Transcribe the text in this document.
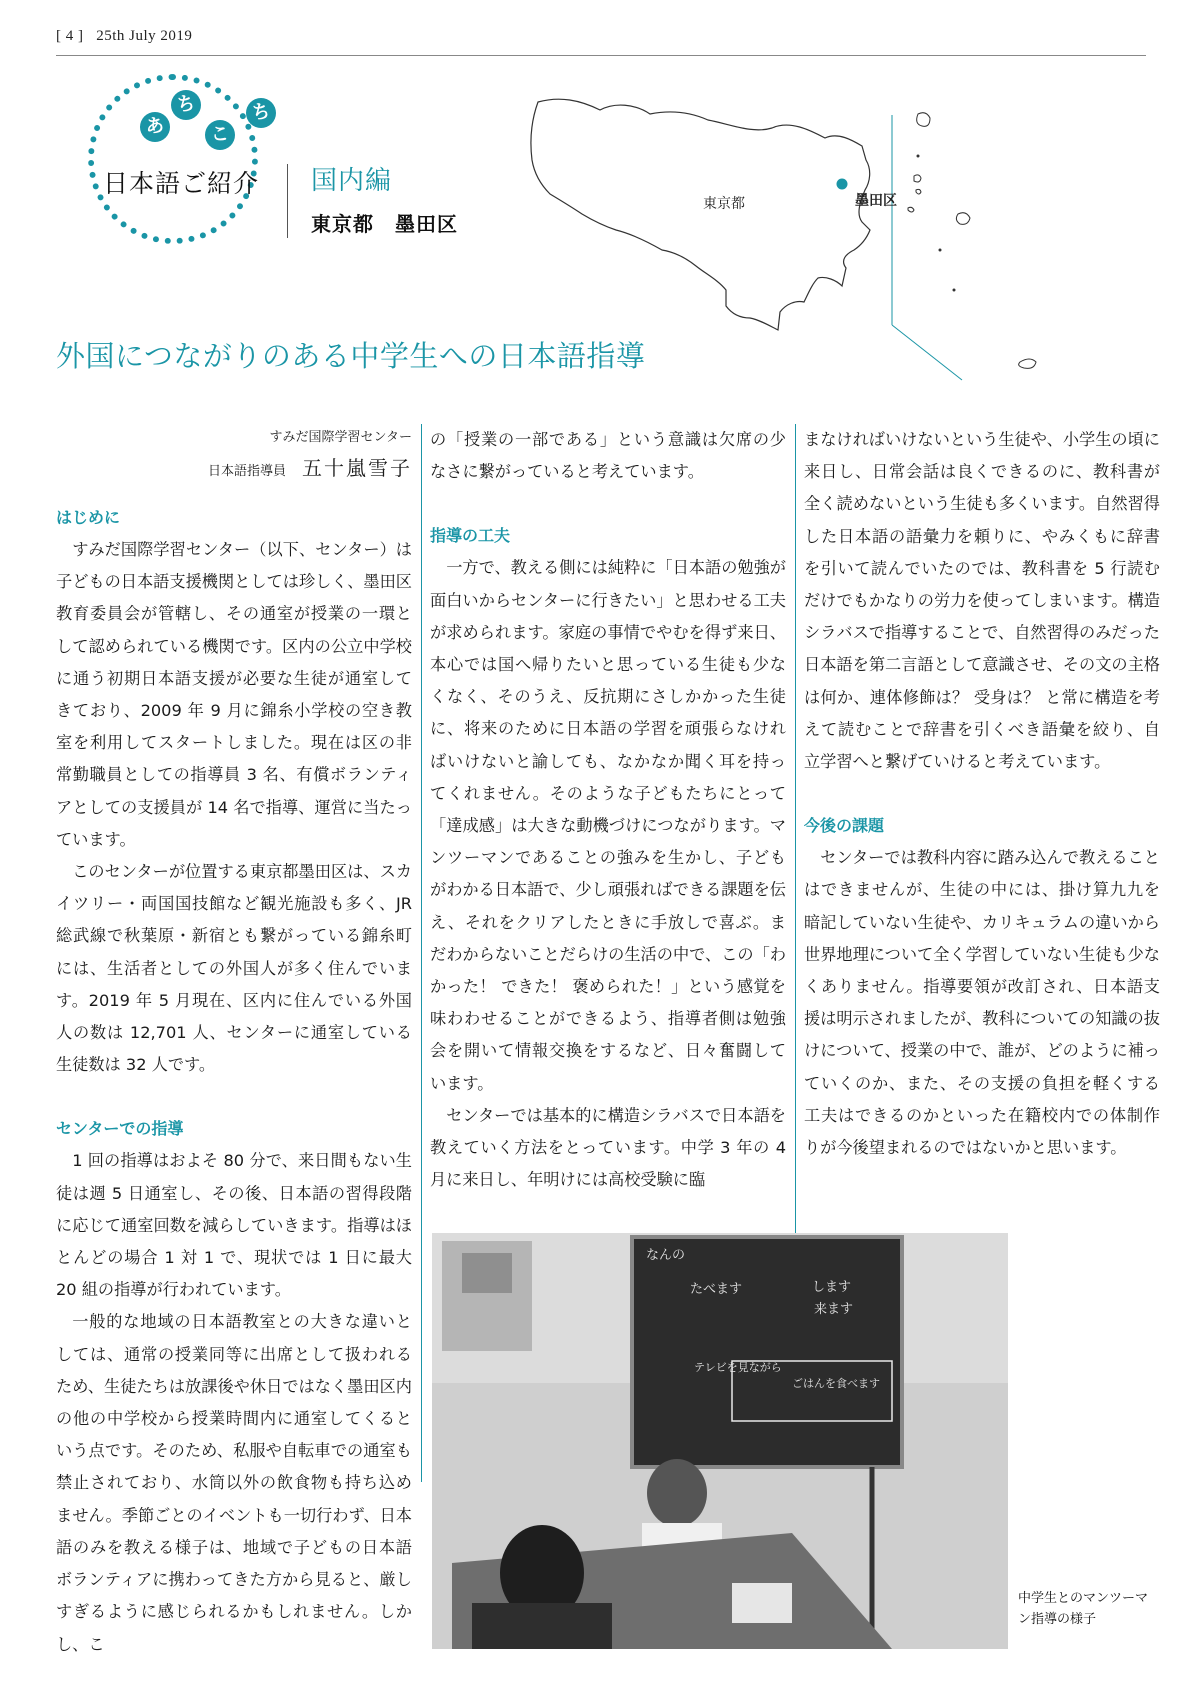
[ 4 ] 25th July 2019
あ
ち
こ
ち
日本語ご紹介 国内編
東京都　墨田区
東京都	墨田区
外国につながりのある中学生への日本語指導
すみだ国際学習センター
日本語指導員 五十嵐雪子
はじめに

すみだ国際学習センター（以下、センター）は子どもの日本語支援機関としては珍しく、墨田区教育委員会が管轄し、その通室が授業の一環として認められている機関です。区内の公立中学校に通う初期日本語支援が必要な生徒が通室してきており、2009 年 9 月に錦糸小学校の空き教室を利用してスタートしました。現在は区の非常勤職員としての指導員 3 名、有償ボランティアとしての支援員が 14 名で指導、運営に当たっています。

このセンターが位置する東京都墨田区は、スカイツリー・両国国技館など観光施設も多く、JR 総武線で秋葉原・新宿とも繋がっている錦糸町には、生活者としての外国人が多く住んでいます。2019 年 5 月現在、区内に住んでいる外国人の数は 12,701 人、センターに通室している生徒数は 32 人です。

センターでの指導

1 回の指導はおよそ 80 分で、来日間もない生徒は週 5 日通室し、その後、日本語の習得段階に応じて通室回数を減らしていきます。指導はほとんどの場合 1 対 1 で、現状では 1 日に最大 20 組の指導が行われています。

一般的な地域の日本語教室との大きな違いとしては、通常の授業同等に出席として扱われるため、生徒たちは放課後や休日ではなく墨田区内の他の中学校から授業時間内に通室してくるという点です。そのため、私服や自転車での通室も禁止されており、水筒以外の飲食物も持ち込めません。季節ごとのイベントも一切行わず、日本語のみを教える様子は、地域で子どもの日本語ボランティアに携わってきた方から見ると、厳しすぎるように感じられるかもしれません。しかし、こ

の「授業の一部である」という意識は欠席の少なさに繋がっていると考えています。

指導の工夫

一方で、教える側には純粋に「日本語の勉強が面白いからセンターに行きたい」と思わせる工夫が求められます。家庭の事情でやむを得ず来日、本心では国へ帰りたいと思っている生徒も少なくなく、そのうえ、反抗期にさしかかった生徒に、将来のために日本語の学習を頑張らなければいけないと諭しても、なかなか聞く耳を持ってくれません。そのような子どもたちにとって「達成感」は大きな動機づけにつながります。マンツーマンであることの強みを生かし、子どもがわかる日本語で、少し頑張ればできる課題を伝え、それをクリアしたときに手放しで喜ぶ。まだわからないことだらけの生活の中で、この「わかった！ できた！ 褒められた！」という感覚を味わわせることができるよう、指導者側は勉強会を開いて情報交換をするなど、日々奮闘しています。

センターでは基本的に構造シラバスで日本語を教えていく方法をとっています。中学 3 年の 4 月に来日し、年明けには高校受験に臨

まなければいけないという生徒や、小学生の頃に来日し、日常会話は良くできるのに、教科書が全く読めないという生徒も多くいます。自然習得した日本語の語彙力を頼りに、やみくもに辞書を引いて読んでいたのでは、教科書を 5 行読むだけでもかなりの労力を使ってしまいます。構造シラバスで指導することで、自然習得のみだった日本語を第二言語として意識させ、その文の主格は何か、連体修飾は？ 受身は？ と常に構造を考えて読むことで辞書を引くべき語彙を絞り、自立学習へと繋げていけると考えています。

今後の課題

センターでは教科内容に踏み込んで教えることはできませんが、生徒の中には、掛け算九九を暗記していない生徒や、カリキュラムの違いから世界地理について全く学習していない生徒も少なくありません。指導要領が改訂され、日本語支援は明示されましたが、教科についての知識の抜けについて、授業の中で、誰が、どのように補っていくのか、また、その支援の負担を軽くする工夫はできるのかといった在籍校内での体制作りが今後望まれるのではないかと思います。

なんの
たべます	します
来ます
テレビを見ながら
ごはんを食べます
中学生とのマンツーマン指導の様子
